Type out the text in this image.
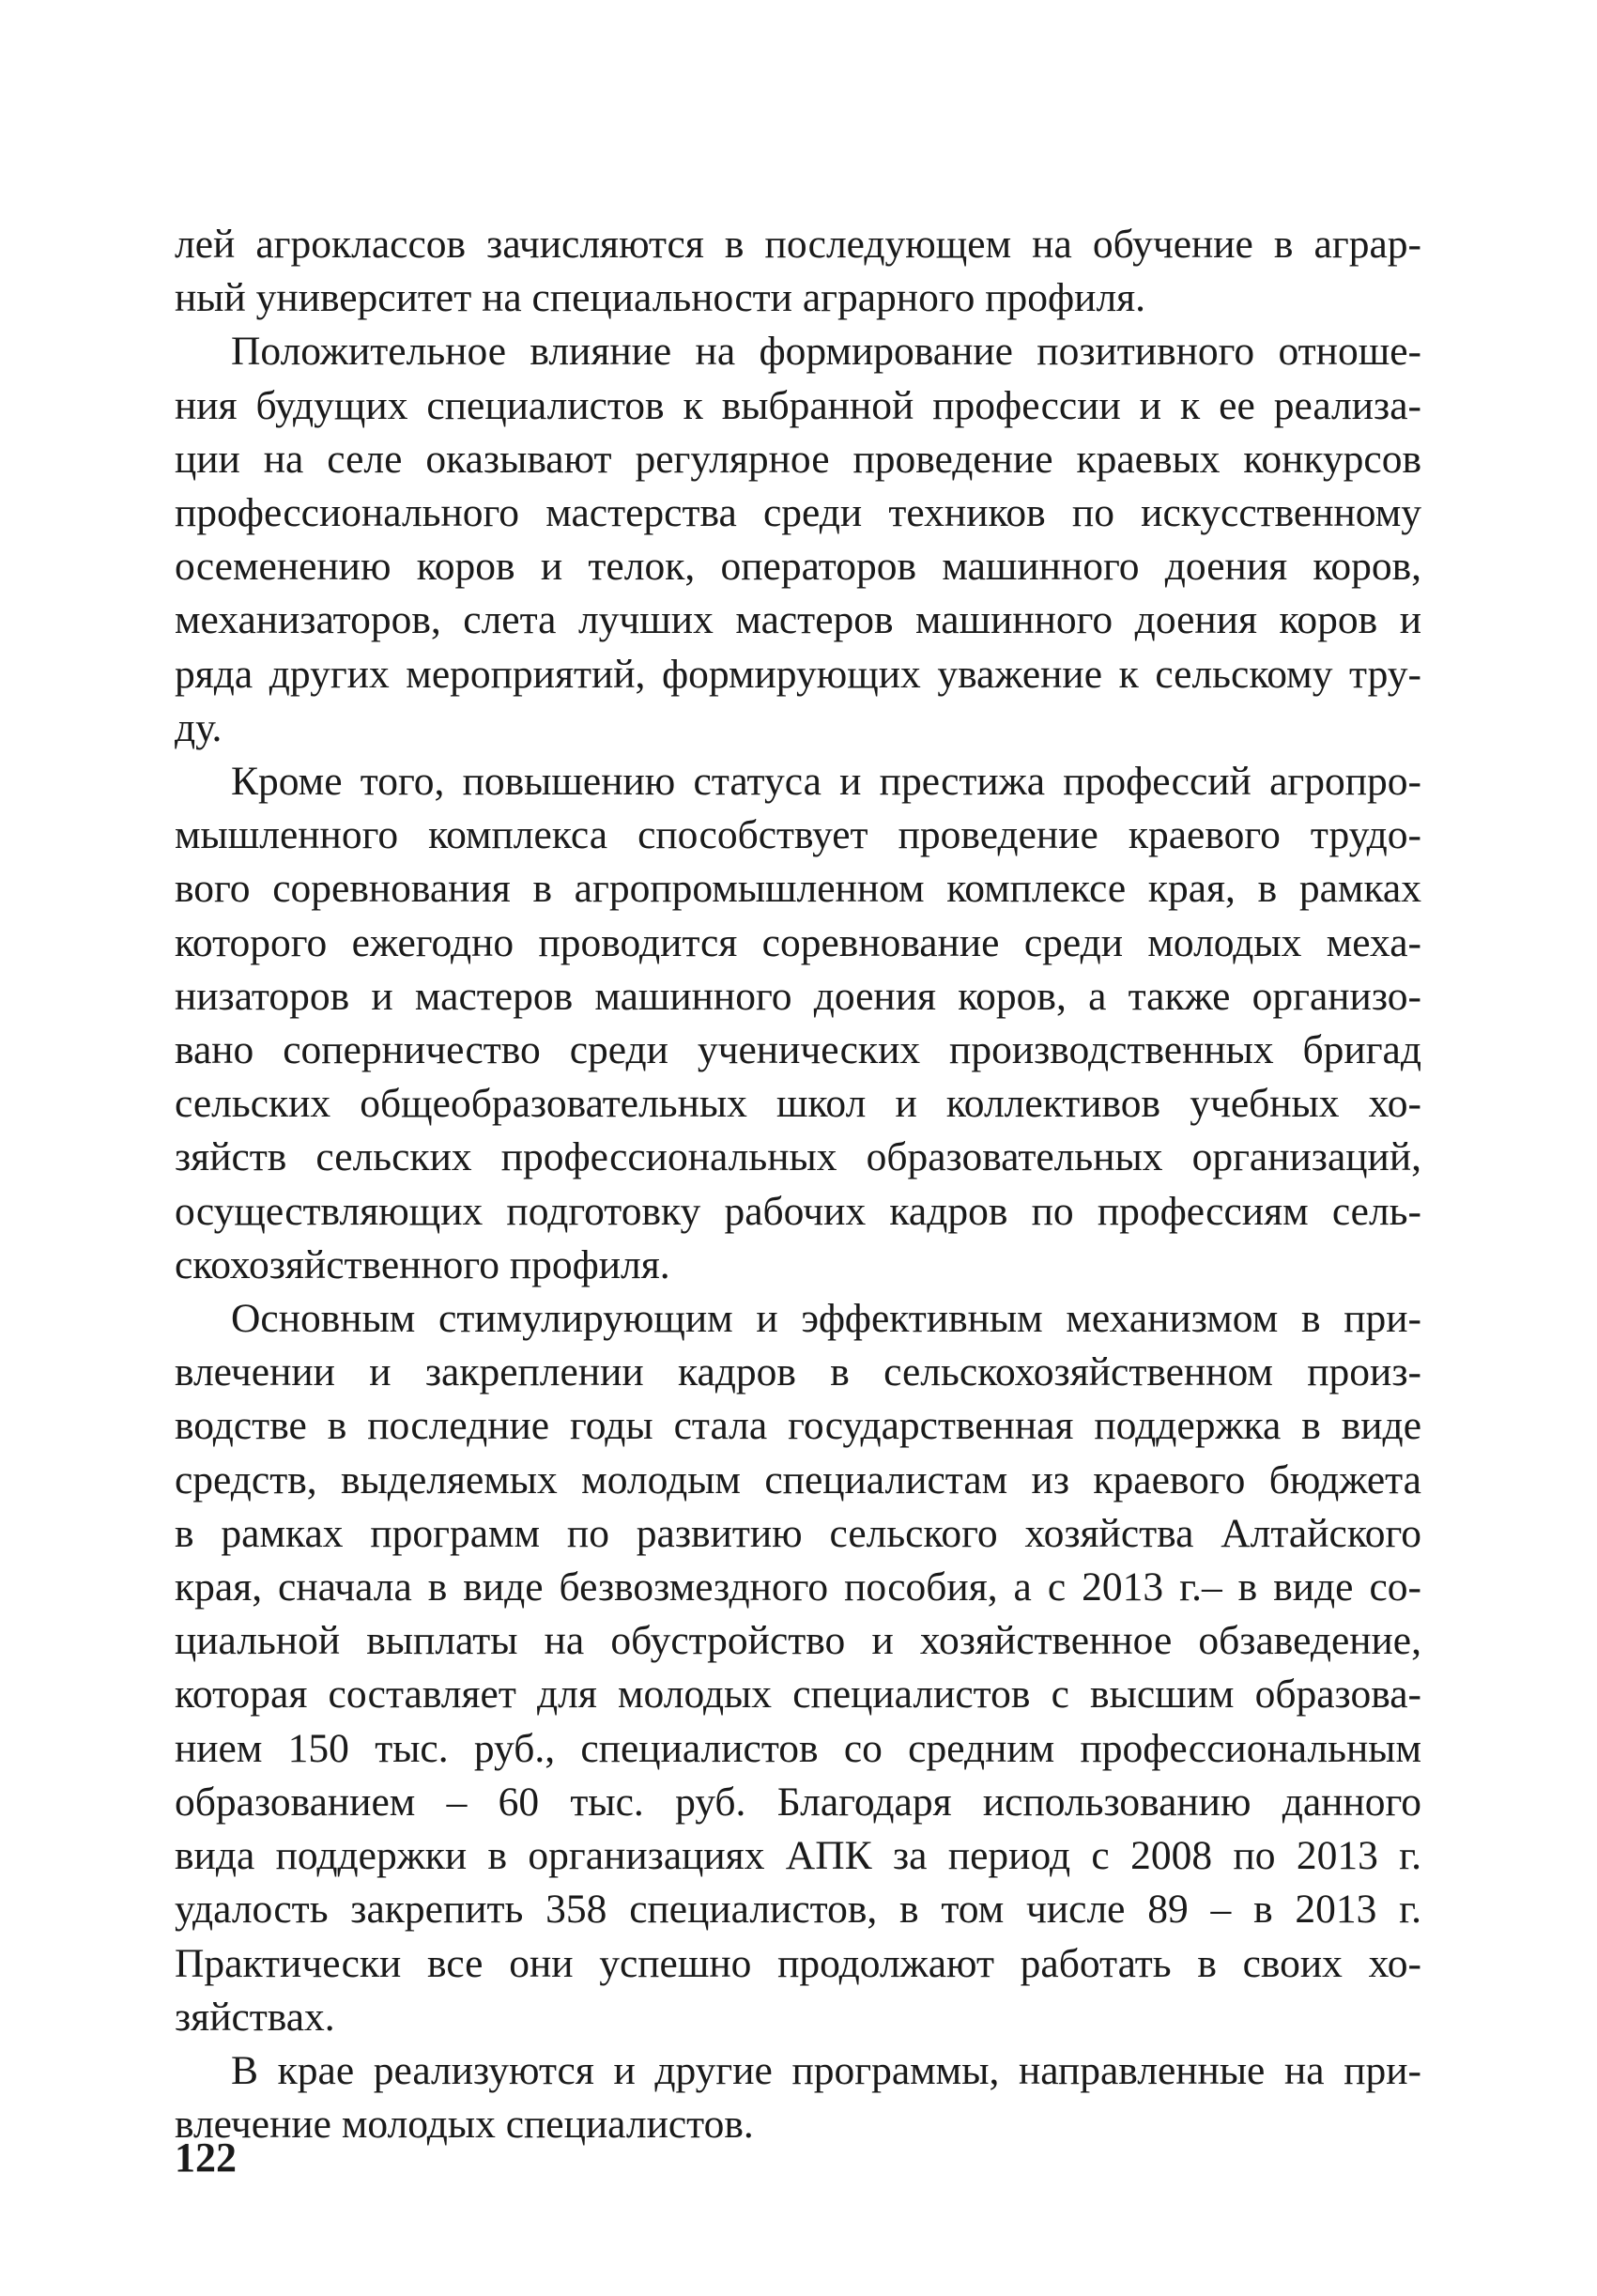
лей агроклассов зачисляются в последующем на обучение в аграр-
ный университет на специальности аграрного профиля.
Положительное влияние на формирование позитивного отноше-
ния будущих специалистов к выбранной профессии и к ее реализа-
ции на селе оказывают регулярное проведение краевых конкурсов
профессионального мастерства среди техников по искусственному
осеменению коров и телок, операторов машинного доения коров,
механизаторов, слета лучших мастеров машинного доения коров и
ряда других мероприятий, формирующих уважение к сельскому тру-
ду.
Кроме того, повышению статуса и престижа профессий агропро-
мышленного комплекса способствует проведение краевого трудо-
вого соревнования в агропромышленном комплексе края, в рамках
которого ежегодно проводится соревнование среди молодых меха-
низаторов и мастеров машинного доения коров, а также организо-
вано соперничество среди ученических производственных бригад
сельских общеобразовательных школ и коллективов учебных хо-
зяйств сельских профессиональных образовательных организаций,
осуществляющих подготовку рабочих кадров по профессиям сель-
скохозяйственного профиля.
Основным стимулирующим и эффективным механизмом в при-
влечении и закреплении кадров в сельскохозяйственном произ-
водстве в последние годы стала государственная поддержка в виде
средств, выделяемых молодым специалистам из краевого бюджета
в рамках программ по развитию сельского хозяйства Алтайского
края, сначала в виде безвозмездного пособия, а с 2013 г.– в виде со-
циальной выплаты на обустройство и хозяйственное обзаведение,
которая составляет для молодых специалистов с высшим образова-
нием 150 тыс. руб., специалистов со средним профессиональным
образованием – 60 тыс. руб. Благодаря использованию данного
вида поддержки в организациях АПК за период с 2008 по 2013 г.
удалость закрепить 358 специалистов, в том числе 89 – в 2013 г.
Практически все они успешно продолжают работать в своих хо-
зяйствах.
В крае реализуются и другие программы, направленные на при-
влечение молодых специалистов.
122
